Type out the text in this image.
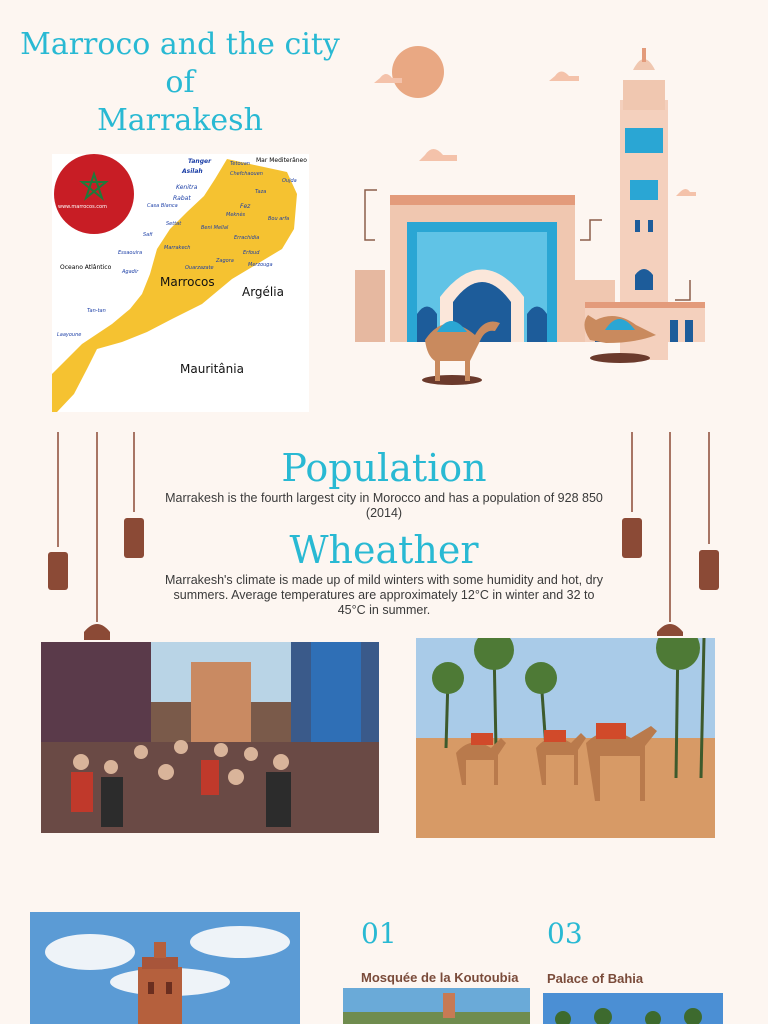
Marroco and the city
of
Marrakesh
www.marrocos.com
Mar Mediterâneo
Oceano Atlântico
Marrocos
Argélia
Mauritânia
Tanger	Tetouan
Asilah	Chefchaouen
Oujda
Kenitra
Taza
Rabat
Casa Blanca	Fez
Meknès
Settat
Beni Mellal
Bou arfa
Safi	Errachidia
Marrakech
Essaouira	Erfoud
Ouarzazate
Zagora
Merzouga
Agadir
Tan-tan
Laayoune
Population
Marrakesh is the fourth largest city in Morocco and has a population of 928 850 (2014)
Wheather
Marrakesh's climate is made up of mild winters with some humidity and hot, dry summers. Average temperatures are approximately 12°C in winter and 32 to 45°C in summer.
01
Mosquée de la Koutoubia
03
Palace of Bahia
